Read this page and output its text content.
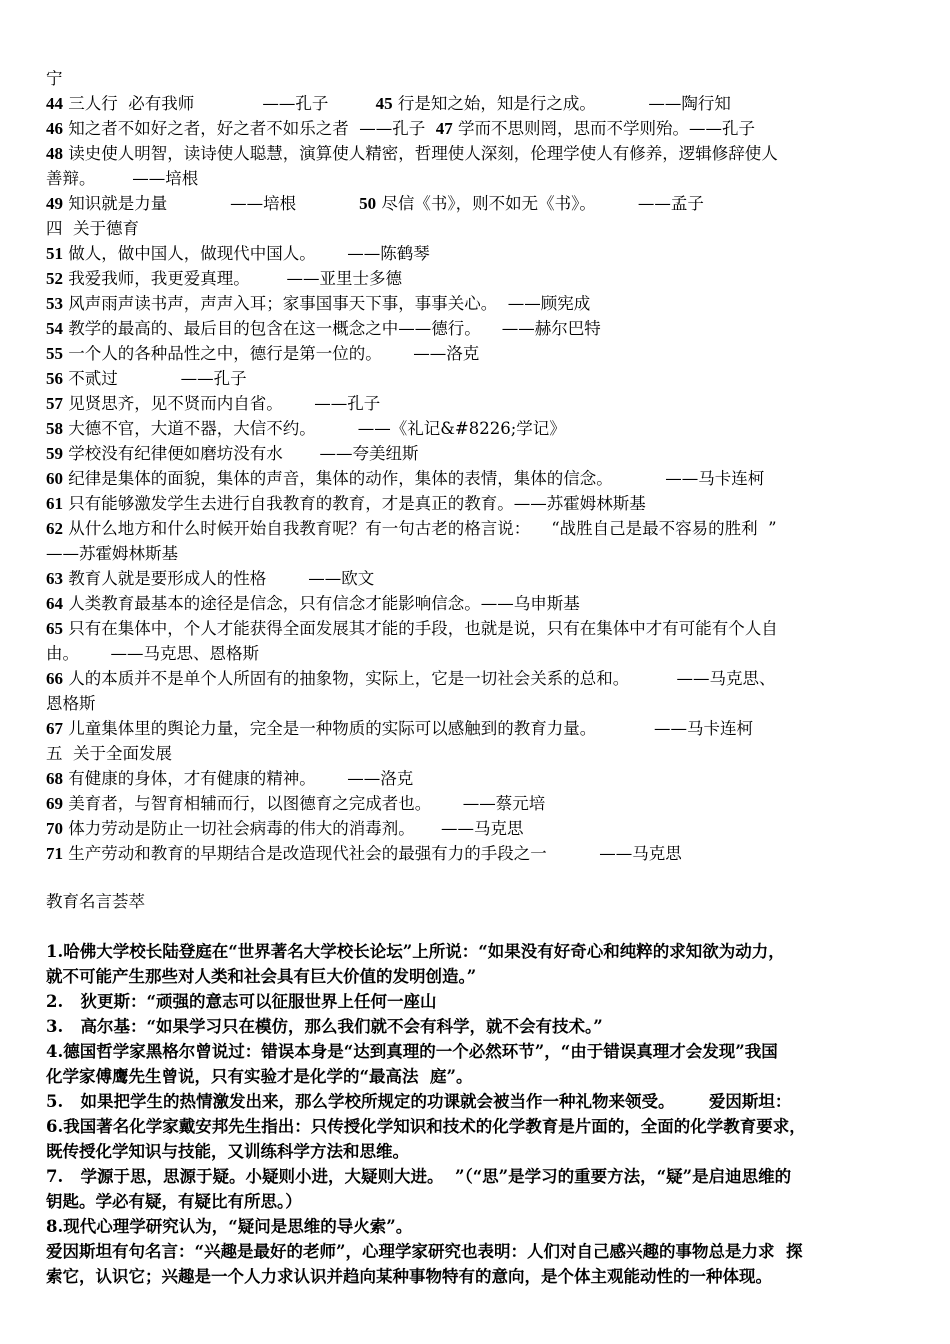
宁
44 三人行  必有我师             ——孔子         45 行是知之始，知是行之成。          ——陶行知
46 知之者不如好之者，好之者不如乐之者  ——孔子  47 学而不思则罔，思而不学则殆。——孔子
48 读史使人明智，读诗使人聪慧，演算使人精密，哲理使人深刻，伦理学使人有修养，逻辑修辞使人
善辩。       ——培根
49 知识就是力量            ——培根            50 尽信《书》，则不如无《书》。        ——孟子
四  关于德育
51 做人，做中国人，做现代中国人。      ——陈鹤琴
52 我爱我师，我更爱真理。       ——亚里士多德
53 风声雨声读书声，声声入耳；家事国事天下事，事事关心。  ——顾宪成
54 教学的最高的、最后目的包含在这一概念之中——德行。    ——赫尔巴特
55 一个人的各种品性之中，德行是第一位的。      ——洛克
56 不贰过            ——孔子
57 见贤思齐，见不贤而内自省。      ——孔子
58 大德不官，大道不器，大信不约。        ——《礼记&#8226;学记》
59 学校没有纪律便如磨坊没有水       ——夸美纽斯
60 纪律是集体的面貌，集体的声音，集体的动作，集体的表情，集体的信念。          ——马卡连柯
61 只有能够激发学生去进行自我教育的教育，才是真正的教育。——苏霍姆林斯基
62 从什么地方和什么时候开始自我教育呢？有一句古老的格言说：    “战胜自己是最不容易的胜利  ”
——苏霍姆林斯基
63 教育人就是要形成人的性格        ——欧文
64 人类教育最基本的途径是信念，只有信念才能影响信念。——乌申斯基
65 只有在集体中，个人才能获得全面发展其才能的手段，也就是说，只有在集体中才有可能有个人自
由。      ——马克思、恩格斯
66 人的本质并不是单个人所固有的抽象物，实际上，它是一切社会关系的总和。         ——马克思、
恩格斯
67 儿童集体里的舆论力量，完全是一种物质的实际可以感触到的教育力量。           ——马卡连柯
五  关于全面发展
68 有健康的身体，才有健康的精神。      ——洛克
69 美育者，与智育相辅而行，以图德育之完成者也。      ——蔡元培
70 体力劳动是防止一切社会病毒的伟大的消毒剂。     ——马克思
71 生产劳动和教育的早期结合是改造现代社会的最强有力的手段之一          ——马克思
教育名言荟萃
1.哈佛大学校长陆登庭在“世界著名大学校长论坛”上所说：“如果没有好奇心和纯粹的求知欲为动力，
就不可能产生那些对人类和社会具有巨大价值的发明创造。”
2.   狄更斯：“顽强的意志可以征服世界上任何一座山
3.   高尔基：“如果学习只在模仿，那么我们就不会有科学，就不会有技术。”
4.德国哲学家黑格尔曾说过：错误本身是“达到真理的一个必然环节”，“由于错误真理才会发现”我国
化学家傅鹰先生曾说，只有实验才是化学的“最高法  庭”。
5.   如果把学生的热情激发出来，那么学校所规定的功课就会被当作一种礼物来领受。      爱因斯坦：
6.我国著名化学家戴安邦先生指出：只传授化学知识和技术的化学教育是片面的，全面的化学教育要求，
既传授化学知识与技能，又训练科学方法和思维。
7.   学源于思，思源于疑。小疑则小进，大疑则大进。  ”（“思”是学习的重要方法，“疑”是启迪思维的
钥匙。学必有疑，有疑比有所思。）
8.现代心理学研究认为，“疑问是思维的导火索”。
爱因斯坦有句名言：“兴趣是最好的老师”，心理学家研究也表明：人们对自己感兴趣的事物总是力求  探
索它，认识它；兴趣是一个人力求认识并趋向某种事物特有的意向，是个体主观能动性的一种体现。
